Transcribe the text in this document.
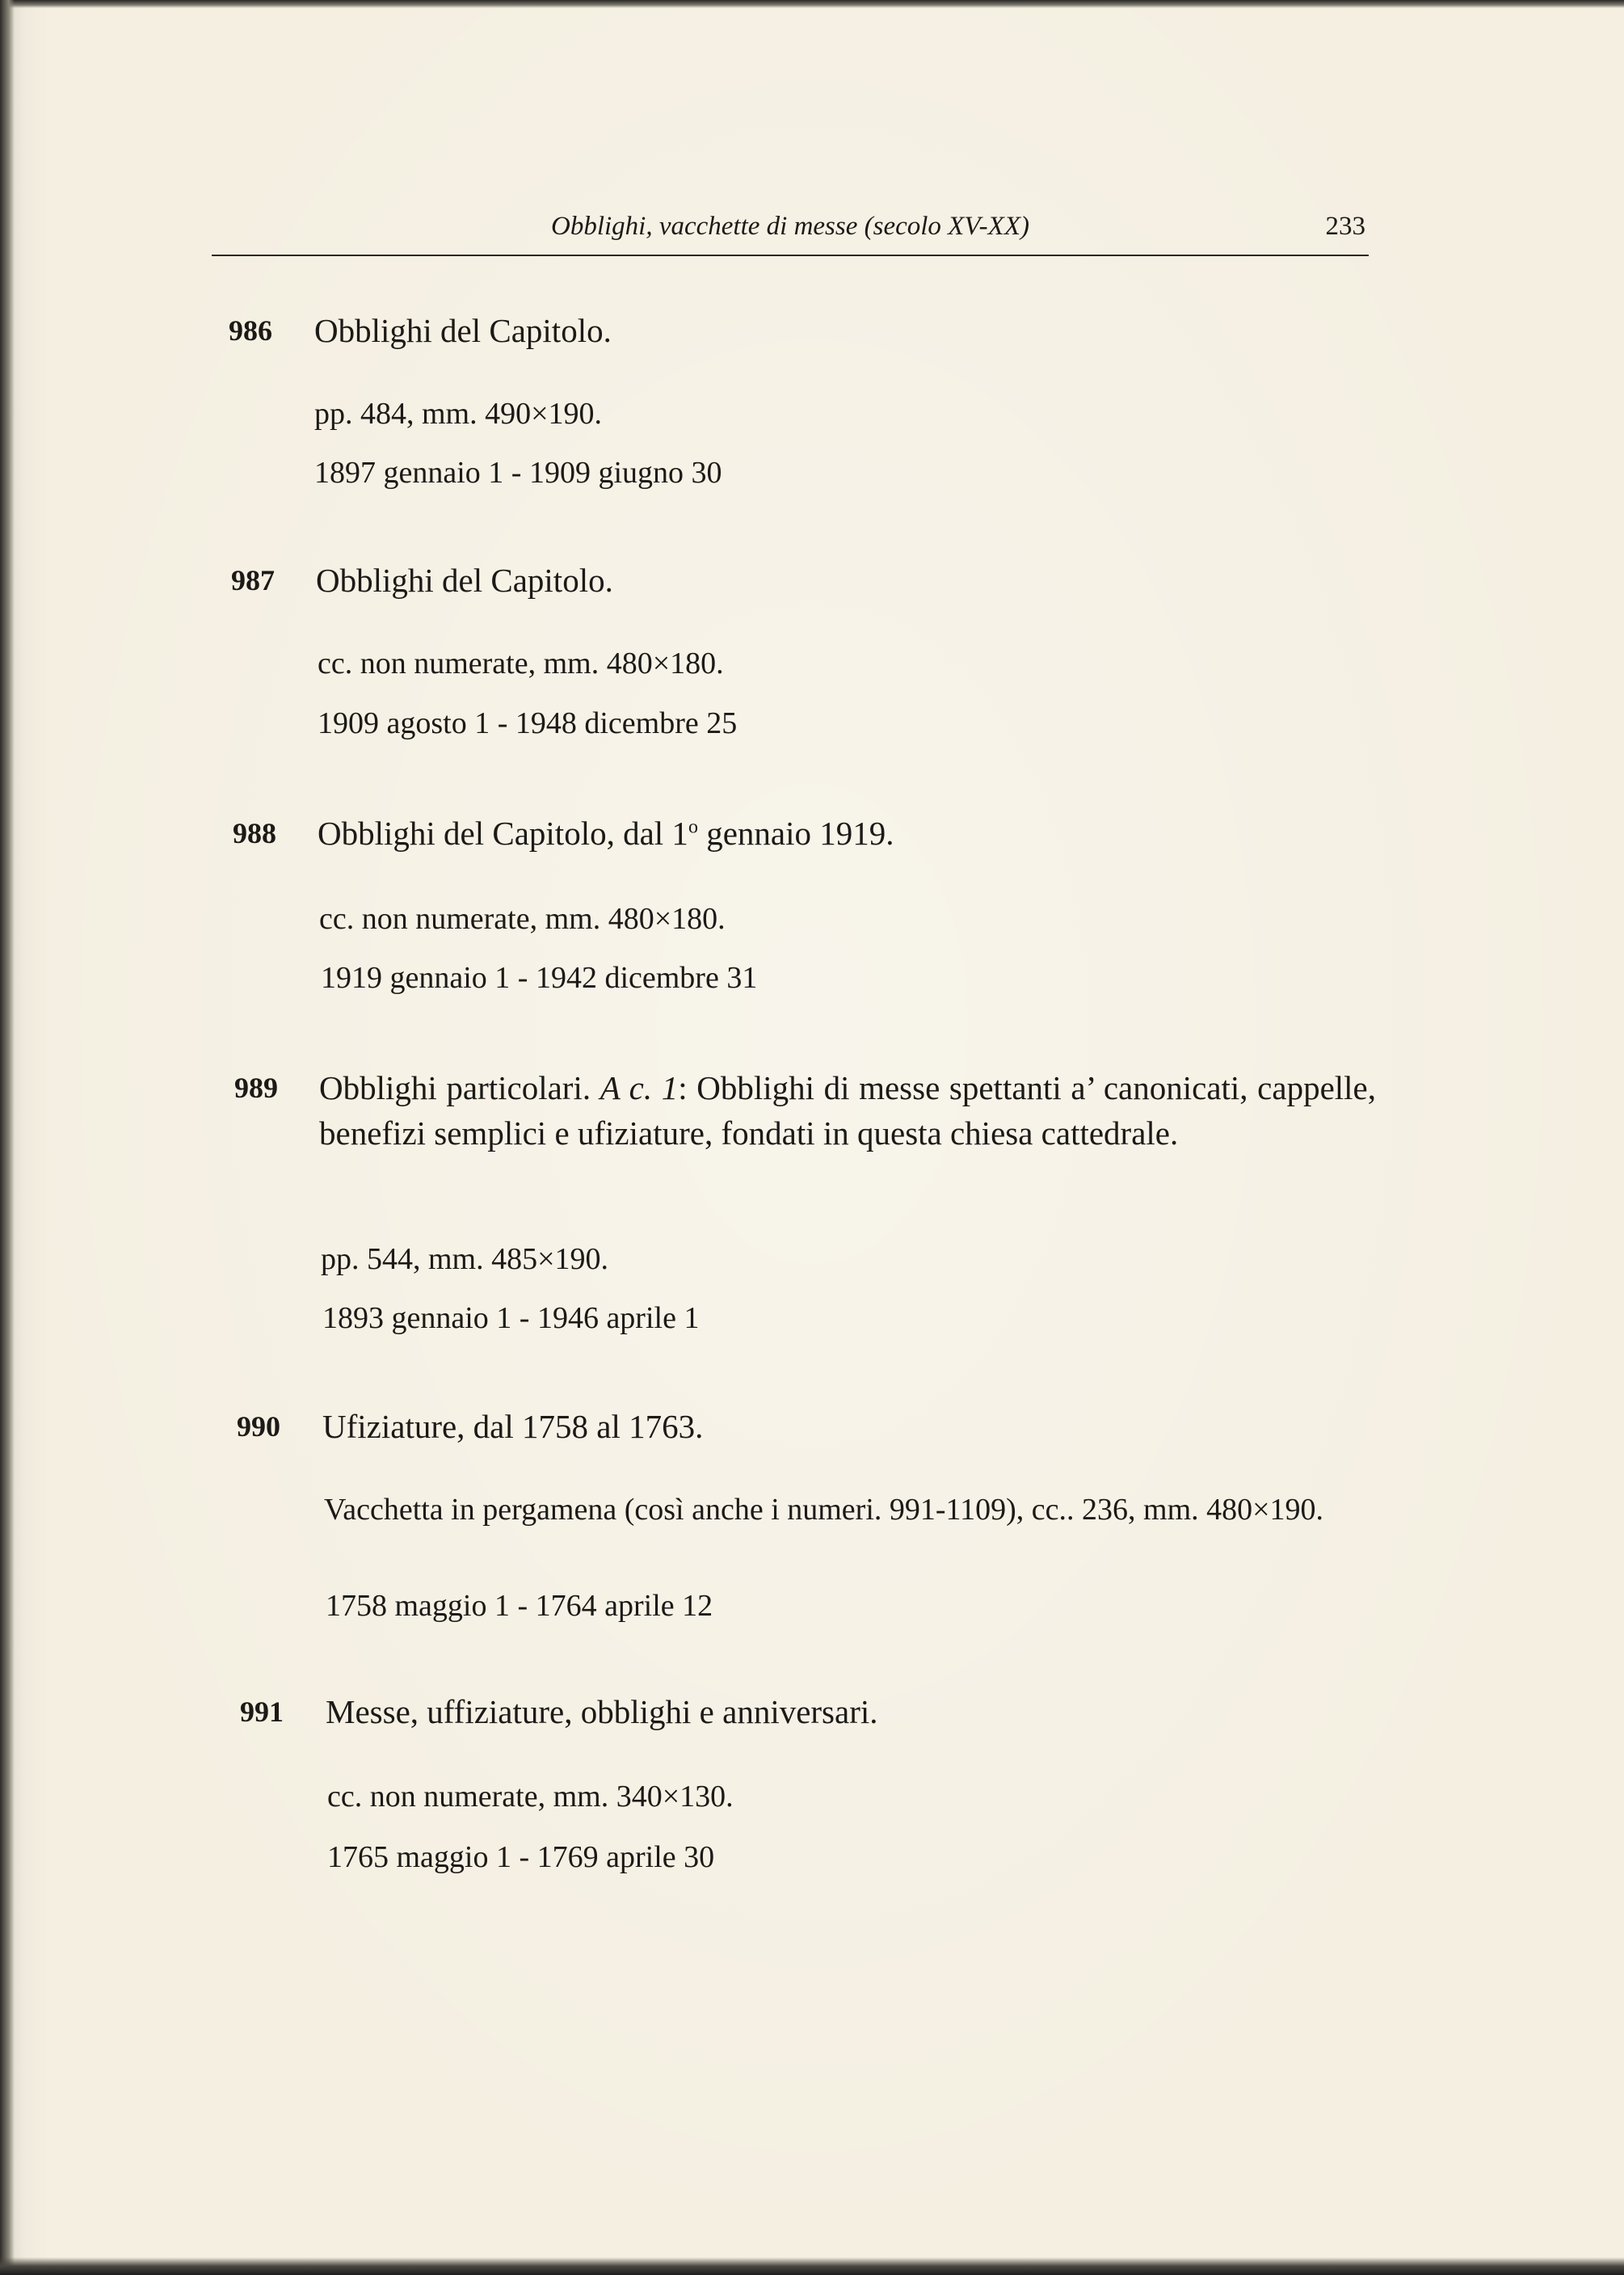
Obblighi, vacchette di messe (secolo XV-XX)	233
986 Obblighi del Capitolo.
pp. 484, mm. 490×190.
1897 gennaio 1 - 1909 giugno 30
987 Obblighi del Capitolo.
cc. non numerate, mm. 480×180.
1909 agosto 1 - 1948 dicembre 25
988 Obblighi del Capitolo, dal 1$^o$ gennaio 1919.
cc. non numerate, mm. 480×180.
1919 gennaio 1 - 1942 dicembre 31
989 Obblighi particolari. A c. 1: Obblighi di messe spettanti a’ canonicati, cappelle, benefizi semplici e ufiziature, fondati in questa chiesa cattedrale.
pp. 544, mm. 485×190.
1893 gennaio 1 - 1946 aprile 1
990 Ufiziature, dal 1758 al 1763.
Vacchetta in pergamena (così anche i numeri. 991-1109), cc.. 236, mm. 480×190.
1758 maggio 1 - 1764 aprile 12
991 Messe, uffiziature, obblighi e anniversari.
cc. non numerate, mm. 340×130.
1765 maggio 1 - 1769 aprile 30
